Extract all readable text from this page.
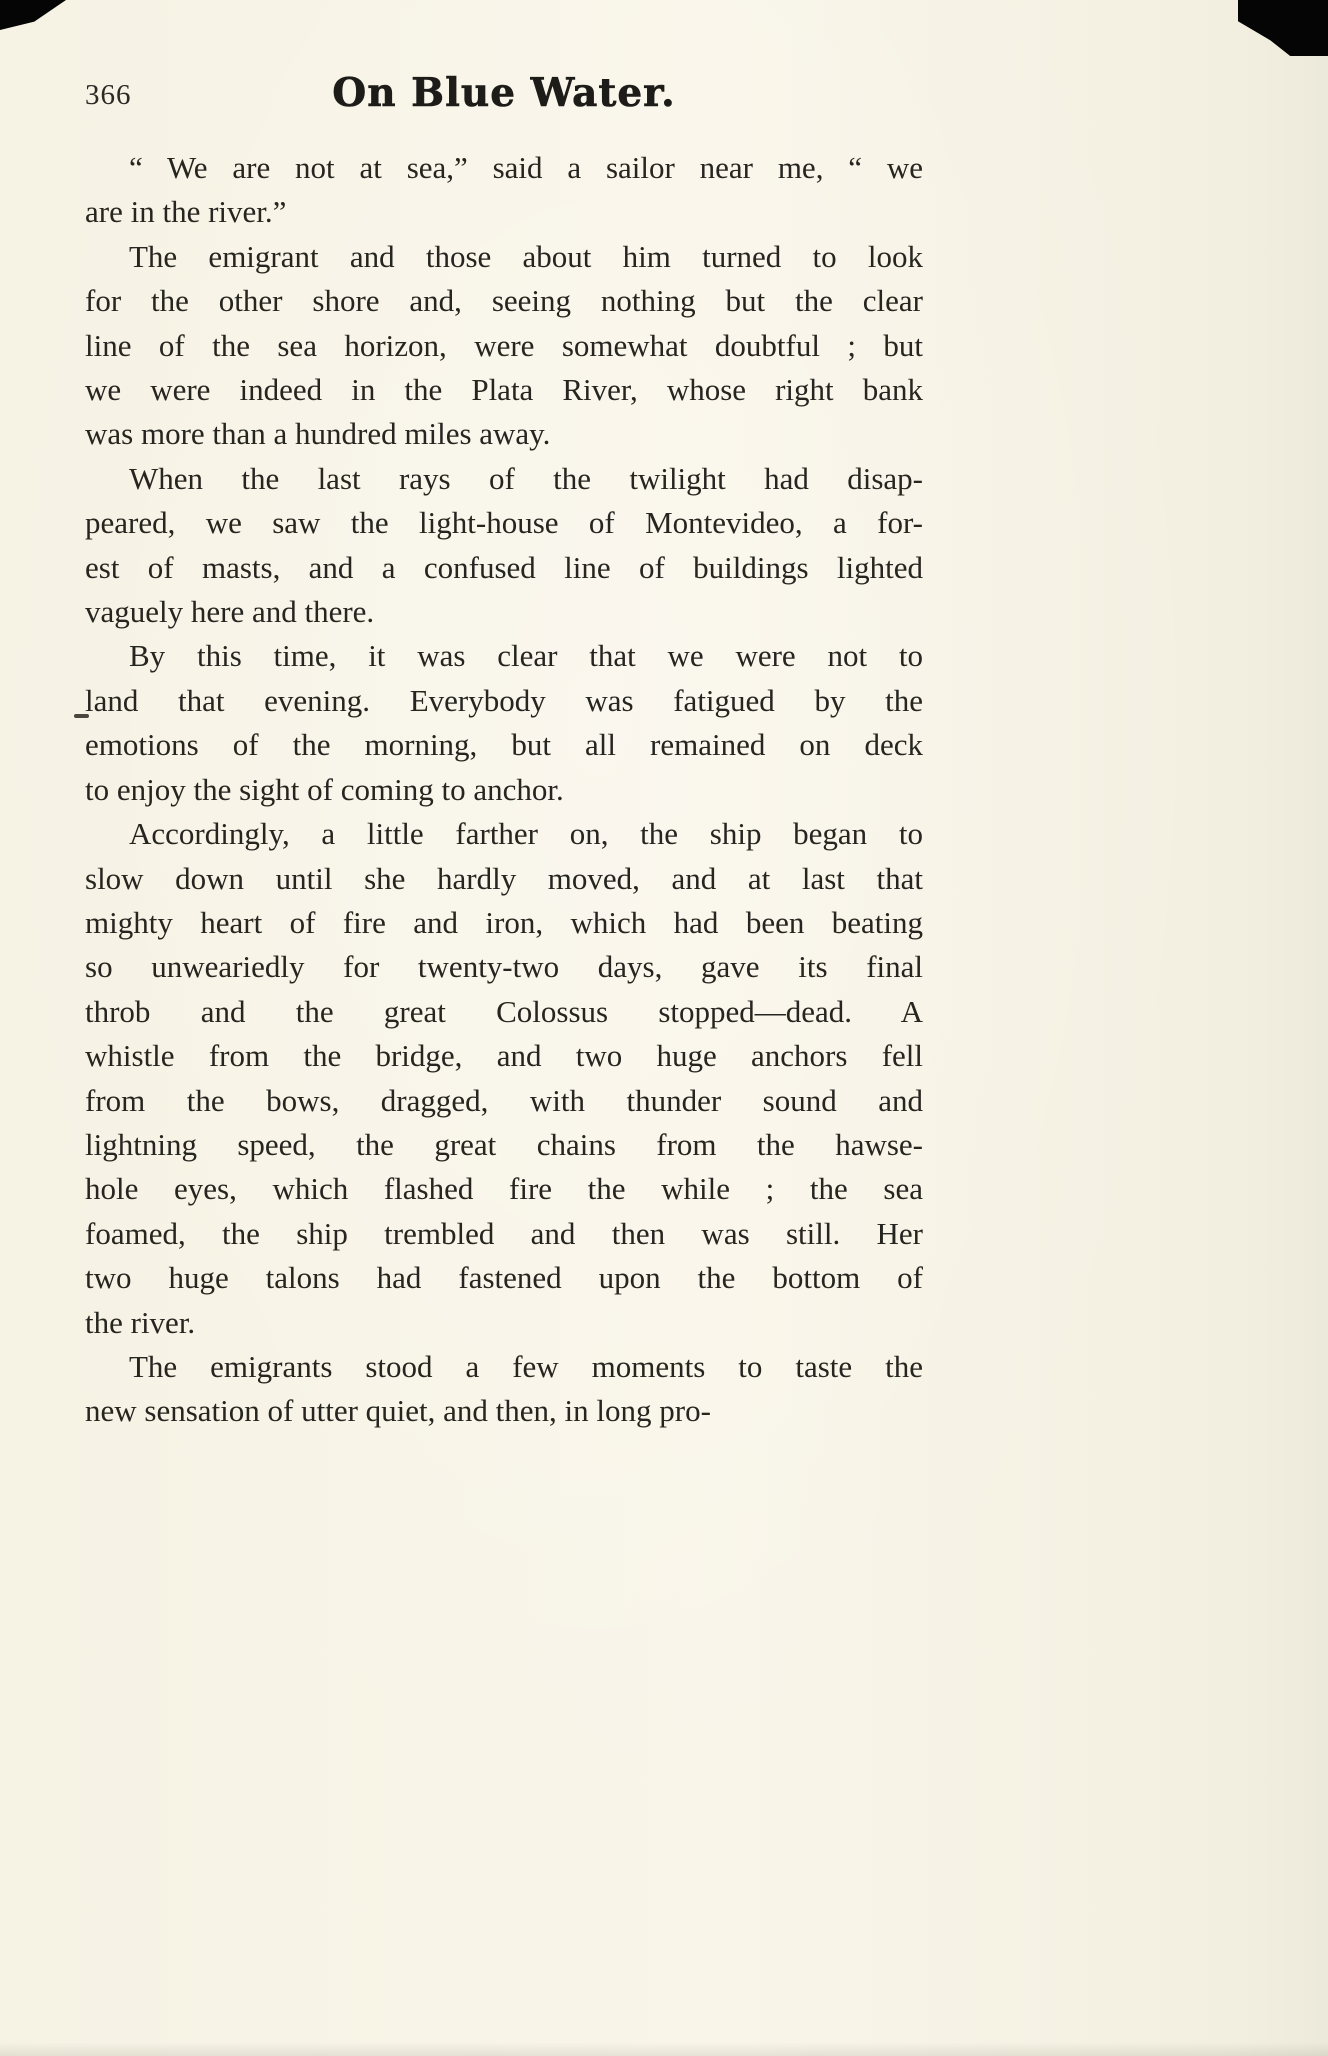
366	On Blue Water.
“ We are not at sea,” said a sailor near me, “ we
are in the river.”
The emigrant and those about him turned to look
for the other shore and, seeing nothing but the clear
line of the sea horizon, were somewhat doubtful ; but
we were indeed in the Plata River, whose right bank
was more than a hundred miles away.
When the last rays of the twilight had disap-
peared, we saw the light-house of Montevideo, a for-
est of masts, and a confused line of buildings lighted
vaguely here and there.
By this time, it was clear that we were not to
land that evening. Everybody was fatigued by the
emotions of the morning, but all remained on deck
to enjoy the sight of coming to anchor.
Accordingly, a little farther on, the ship began to
slow down until she hardly moved, and at last that
mighty heart of fire and iron, which had been beating
so unweariedly for twenty-two days, gave its final
throb and the great Colossus stopped—dead. A
whistle from the bridge, and two huge anchors fell
from the bows, dragged, with thunder sound and
lightning speed, the great chains from the hawse-
hole eyes, which flashed fire the while ; the sea
foamed, the ship trembled and then was still. Her
two huge talons had fastened upon the bottom of
the river.
The emigrants stood a few moments to taste the
new sensation of utter quiet, and then, in long pro-
